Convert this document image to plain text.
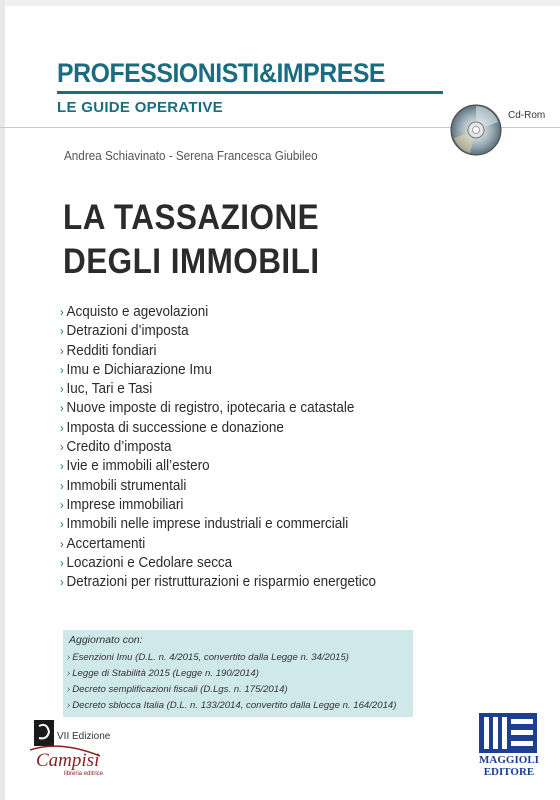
PROFESSIONISTI&IMPRESE
LE GUIDE OPERATIVE	Cd-Rom
Andrea Schiavinato - Serena Francesca Giubileo
LA TASSAZIONE
DEGLI IMMOBILI
› Acquisto e agevolazioni
› Detrazioni d’imposta
› Redditi fondiari
› Imu e Dichiarazione Imu
› Iuc, Tari e Tasi
› Nuove imposte di registro, ipotecaria e catastale
› Imposta di successione e donazione
› Credito d’imposta
› Ivie e immobili all’estero
› Immobili strumentali
› Imprese immobiliari
› Immobili nelle imprese industriali e commerciali
› Accertamenti
› Locazioni e Cedolare secca
› Detrazioni per ristrutturazioni e risparmio energetico
Aggiornato con:
› Esenzioni Imu (D.L. n. 4/2015, convertito dalla Legge n. 34/2015)
› Legge di Stabilità 2015 (Legge n. 190/2014)
› Decreto semplificazioni fiscali (D.Lgs. n. 175/2014)
› Decreto sblocca Italia (D.L. n. 133/2014, convertito dalla Legge n. 164/2014)
Campisi
libreria editrice
VII Edizione
MAGGIOLI
EDITORE
